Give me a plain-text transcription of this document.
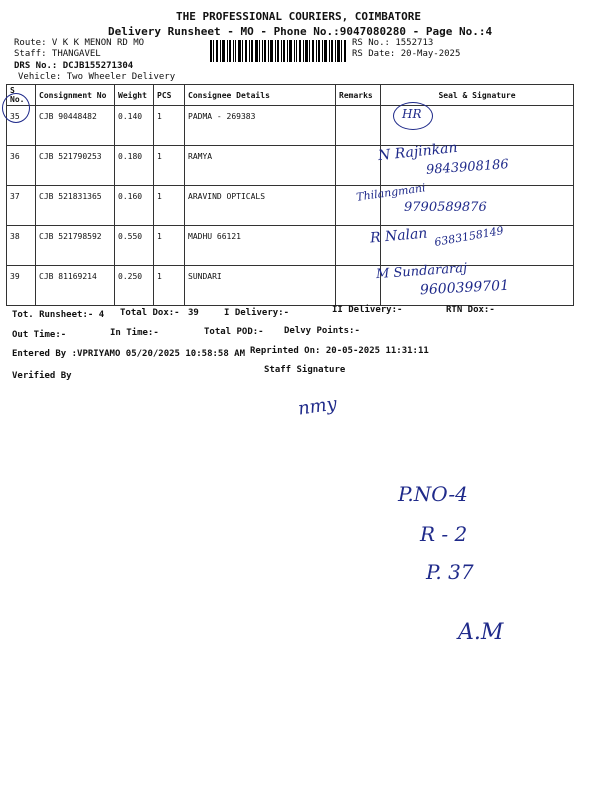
THE PROFESSIONAL COURIERS, COIMBATORE
Delivery Runsheet - MO - Phone No.:9047080280 - Page No.:4
Route: V K K MENON RD MO
Staff: THANGAVEL
DRS No.: DCJB155271304
Vehicle: Two Wheeler Delivery
RS No.: 1552713
RS Date: 20-May-2025
S No.	Consignment No	Weight	PCS	Consignee Details	Remarks	Seal & Signature
35	CJB 90448482	0.140	1	PADMA - 269383		
36	CJB 521790253	0.180	1	RAMYA		
37	CJB 521831365	0.160	1	ARAVIND OPTICALS		
38	CJB 521798592	0.550	1	MADHU 66121		
39	CJB 81169214	0.250	1	SUNDARI		
HR
N Rajinkan
9843908186
Thilangmani
9790589876
R Nalan 6383158149
M Sundararaj
9600399701
Tot. Runsheet:- 4 Total Dox:- 39	I Delivery:-	II Delivery:-	RTN Dox:-
Out Time:-	In Time:-	Total POD:- Delvy Points:-
Entered By :VPRIYAMO 05/20/2025 10:58:58 AM Reprinted On: 20-05-2025 11:31:11
Verified By
Staff Signature
nmy
P.NO-4
R - 2
P. 37
A.M
